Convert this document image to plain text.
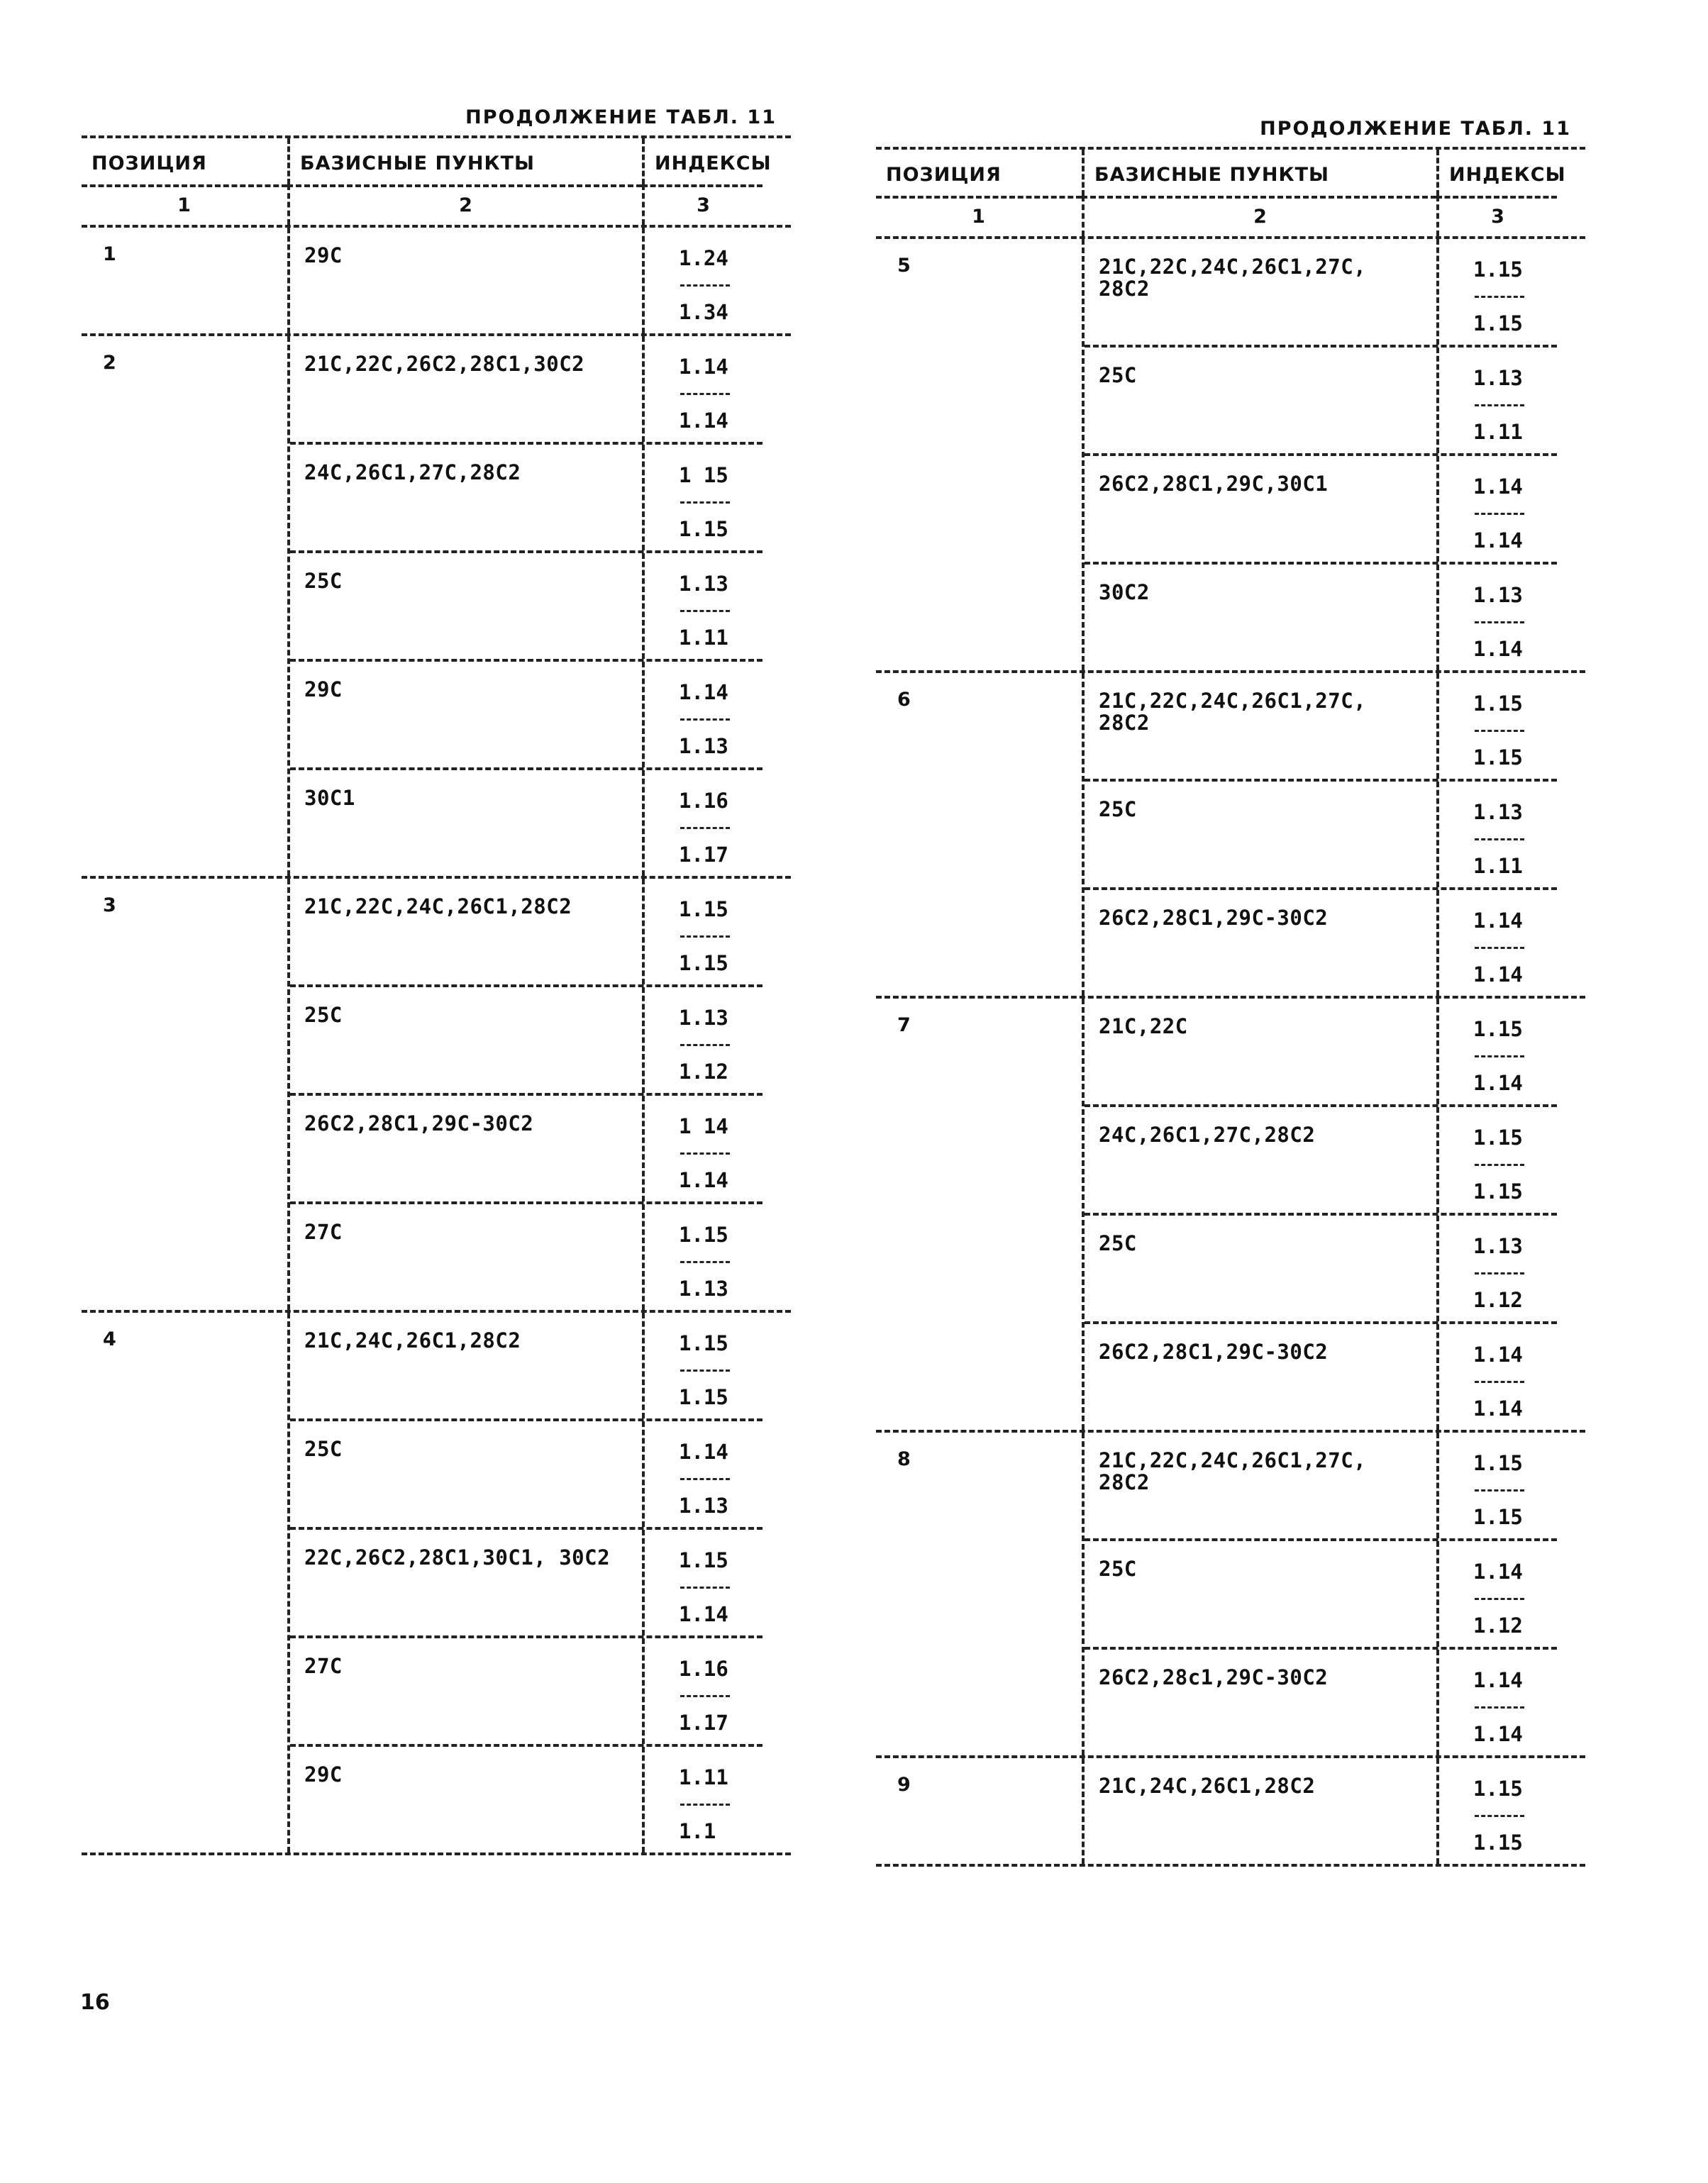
ПРОДОЛЖЕНИЕ ТАБЛ. 11
ПОЗИЦИЯ	БАЗИСНЫЕ ПУНКТЫ	ИНДЕКСЫ
1	2	3
1	29С	1.24
1.34
2	21С,22С,26С2,28С1,30С2	1.14
1.14
24С,26С1,27С,28С2	1 15
1.15
25С	1.13
1.11
29С	1.14
1.13
30С1	1.16
1.17
3	21С,22С,24С,26С1,28С2	1.15
1.15
25С	1.13
1.12
26С2,28С1,29С-30С2	1 14
1.14
27С	1.15
1.13
4	21С,24С,26С1,28С2	1.15
1.15
25С	1.14
1.13
22С,26С2,28С1,30С1, 30С2	1.15
1.14
27С	1.16
1.17
29С	1.11
1.1
ПРОДОЛЖЕНИЕ ТАБЛ. 11
ПОЗИЦИЯ	БАЗИСНЫЕ ПУНКТЫ	ИНДЕКСЫ
1	2	3
5	21С,22С,24С,26С1,27С, 28С2
1.15
1.15
25С	1.13
1.11
26С2,28С1,29С,30С1	1.14
1.14
30С2	1.13
1.14
6	21С,22С,24С,26С1,27С, 28С2
1.15
1.15
25С	1.13
1.11
26С2,28С1,29С-30С2	1.14
1.14
7	21С,22С	1.15
1.14
24С,26С1,27С,28С2	1.15
1.15
25С	1.13
1.12
26С2,28С1,29С-30С2	1.14
1.14
8	21С,22С,24С,26С1,27С, 28С2
1.15
1.15
25С	1.14
1.12
26С2,28с1,29С-30С2	1.14
1.14
9	21С,24С,26С1,28С2	1.15
1.15
16
